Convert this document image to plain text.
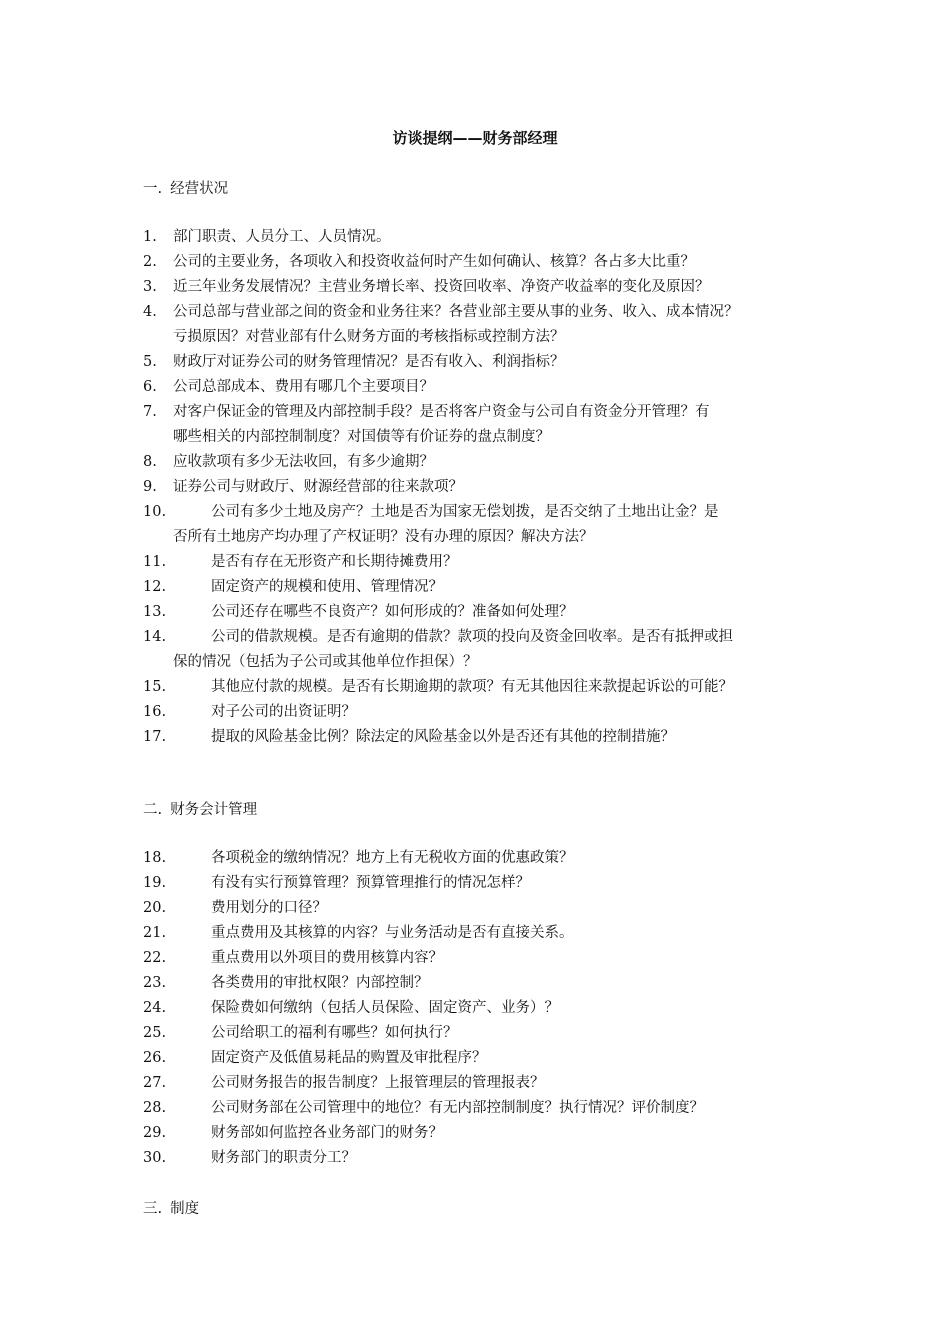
访谈提纲——财务部经理
一. 经营状况
1.	部门职责、人员分工、人员情况。
2.	公司的主要业务，各项收入和投资收益何时产生如何确认、核算？各占多大比重？
3.	近三年业务发展情况？主营业务增长率、投资回收率、净资产收益率的变化及原因？
4.	公司总部与营业部之间的资金和业务往来？各营业部主要从事的业务、收入、成本情况？
亏损原因？对营业部有什么财务方面的考核指标或控制方法？
5.	财政厅对证券公司的财务管理情况？是否有收入、利润指标？
6.	公司总部成本、费用有哪几个主要项目？
7.	对客户保证金的管理及内部控制手段？是否将客户资金与公司自有资金分开管理？有
哪些相关的内部控制制度？对国债等有价证券的盘点制度？
8.	应收款项有多少无法收回，有多少逾期？
9.	证券公司与财政厅、财源经营部的往来款项？
10.	公司有多少土地及房产？土地是否为国家无偿划拨，是否交纳了土地出让金？是
否所有土地房产均办理了产权证明？没有办理的原因？解决方法？
11.	是否有存在无形资产和长期待摊费用？
12.	固定资产的规模和使用、管理情况？
13.	公司还存在哪些不良资产？如何形成的？准备如何处理？
14.	公司的借款规模。是否有逾期的借款？款项的投向及资金回收率。是否有抵押或担
保的情况（包括为子公司或其他单位作担保）？
15.	其他应付款的规模。是否有长期逾期的款项？有无其他因往来款提起诉讼的可能？
16.	对子公司的出资证明？
17.	提取的风险基金比例？除法定的风险基金以外是否还有其他的控制措施？
二. 财务会计管理
18.	各项税金的缴纳情况？地方上有无税收方面的优惠政策？
19.	有没有实行预算管理？预算管理推行的情况怎样？
20.	费用划分的口径？
21.	重点费用及其核算的内容？与业务活动是否有直接关系。
22.	重点费用以外项目的费用核算内容？
23.	各类费用的审批权限？内部控制？
24.	保险费如何缴纳（包括人员保险、固定资产、业务）？
25.	公司给职工的福利有哪些？如何执行？
26.	固定资产及低值易耗品的购置及审批程序？
27.	公司财务报告的报告制度？上报管理层的管理报表？
28.	公司财务部在公司管理中的地位？有无内部控制制度？执行情况？评价制度？
29.	财务部如何监控各业务部门的财务？
30.	财务部门的职责分工？
三. 制度
